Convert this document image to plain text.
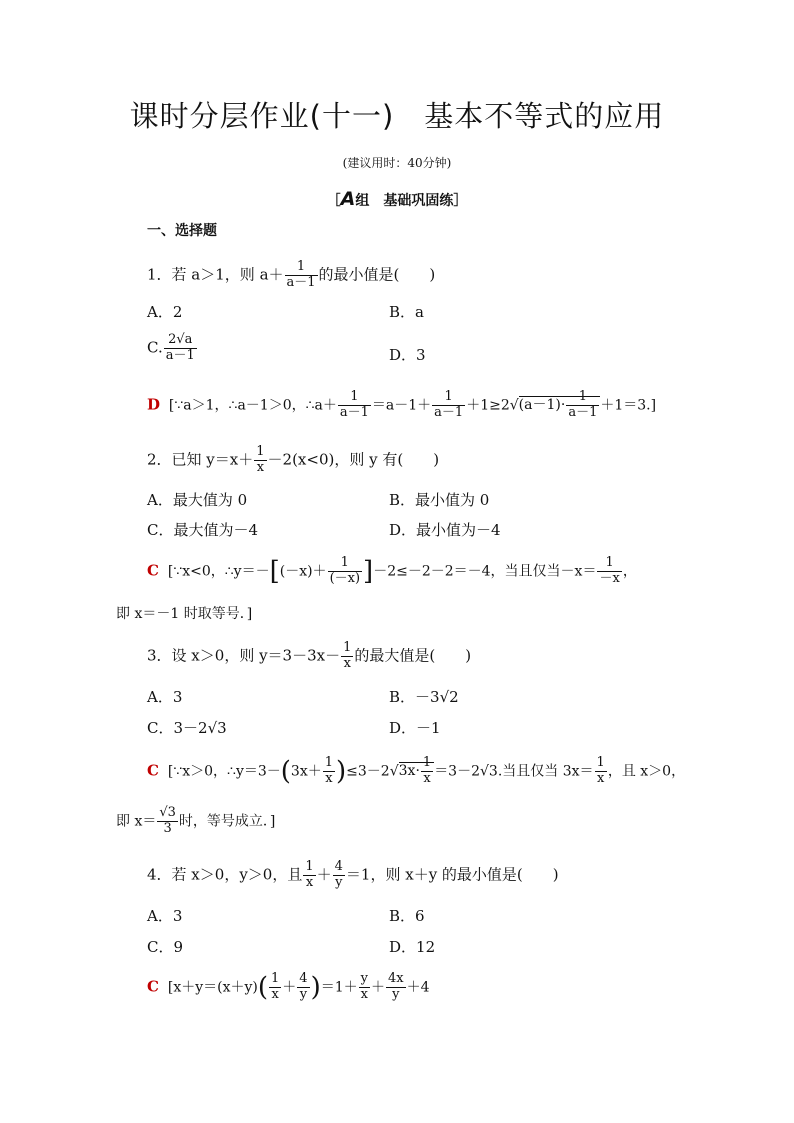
课时分层作业(十一)　基本不等式的应用
(建议用时：40分钟)
［A组　基础巩固练］
一、选择题
1．若 a＞1，则 $a+ \frac{1}{a-1}$ 的最小值是(　　)
A．2	B．a
C. $\frac{2√a}{a-1}$	D．3
D [∵a＞1，∴a－1＞0，∴a＋ $\frac{1}{a-1} =a-1+ \frac{1}{a-1} +1\ge 2√(a-1)\cdot \frac{1}{a-1} +1=3$.]
2．已知 $y=x+ \frac{1}{x} -2(x<0)$，则 y 有(　　)
A．最大值为 0	B．最小值为 0
C．最大值为－4	D．最小值为－4
C [∵x<0，∴y＝－[(－x)＋ $\frac{1}{(-x)} ]-2\le-2-2=-4$，当且仅当$-x= \frac{1}{-x}$ ，
即 x＝－1 时取等号．]
3．设 x＞0，则 $y=3-3x- \frac{1}{x}$ 的最大值是(　　)
A．3	B．－3√2
C．3－2√3	D．－1
C [∵x＞0，∴y＝3－(3x＋ $\frac{1}{x} )\le 3-2√3x\cdot \frac{1}{x} =3-2√3$.当且仅当 $3x= \frac{1}{x}$ ，且 x＞0，
即 $x= \frac{√3}{3}$ 时，等号成立．]
4．若 x＞0，y＞0，且 $\frac{1}{x} + \frac{4}{y} =1$，则 x＋y 的最小值是(　　)
A．3	B．6
C．9	D．12
C [$x+y=(x+y)( \frac{1}{x} + \frac{4}{y} )=1+ \frac{y}{x} + \frac{4x}{y} +4$
